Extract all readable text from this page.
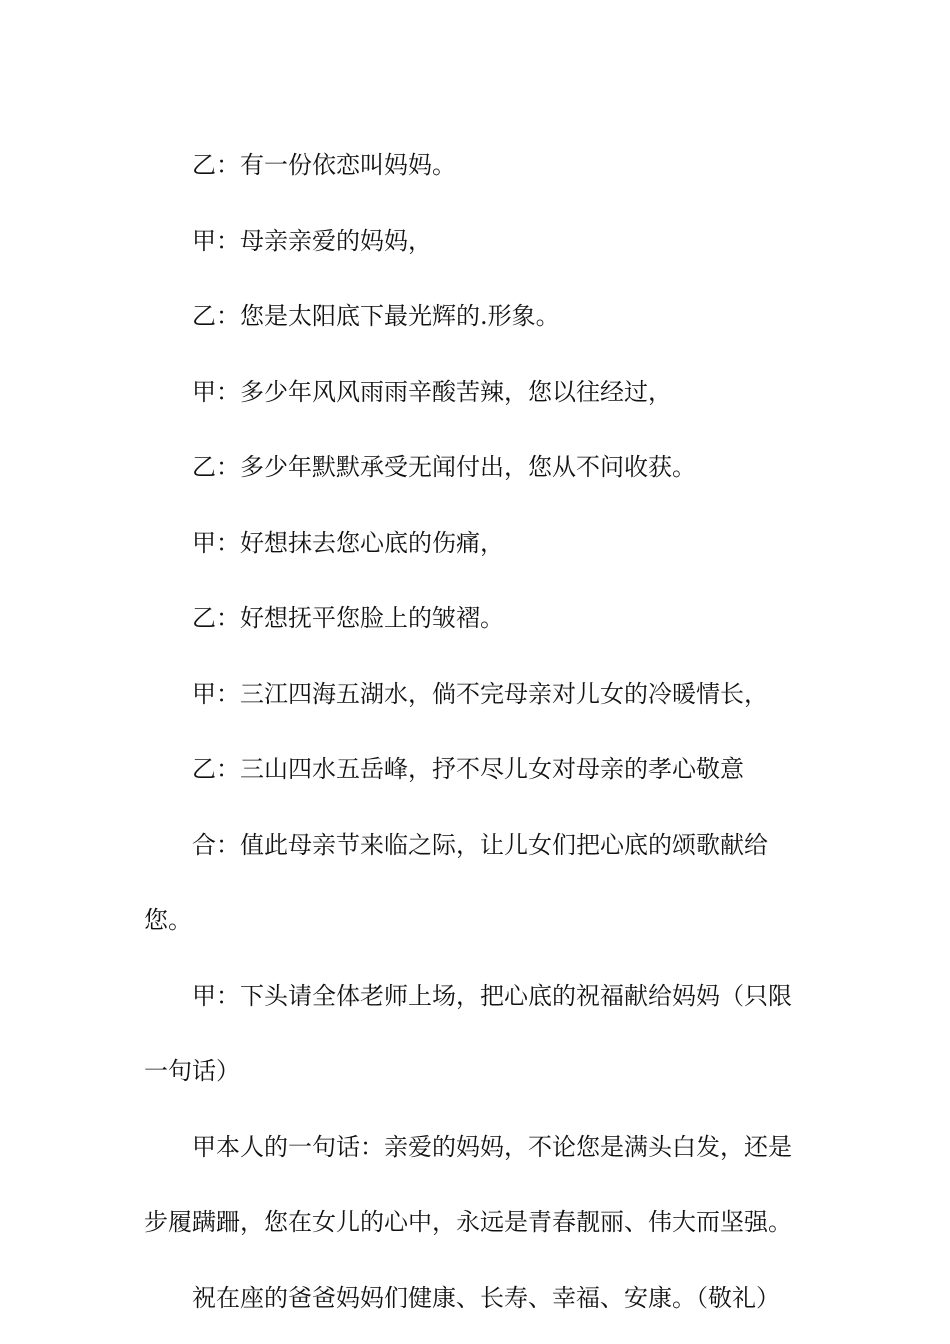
乙：有一份依恋叫妈妈。

甲：母亲亲爱的妈妈，

乙：您是太阳底下最光辉的.形象。

甲：多少年风风雨雨辛酸苦辣，您以往经过，

乙：多少年默默承受无闻付出，您从不问收获。

甲：好想抹去您心底的伤痛，

乙：好想抚平您脸上的皱褶。

甲：三江四海五湖水，倘不完母亲对儿女的冷暖情长，

乙：三山四水五岳峰，抒不尽儿女对母亲的孝心敬意

合：值此母亲节来临之际，让儿女们把心底的颂歌献给您。

甲：下头请全体老师上场，把心底的祝福献给妈妈（只限一句话）

甲本人的一句话：亲爱的妈妈，不论您是满头白发，还是步履蹒跚，您在女儿的心中，永远是青春靓丽、伟大而坚强。

祝在座的爸爸妈妈们健康、长寿、幸福、安康。（敬礼）
